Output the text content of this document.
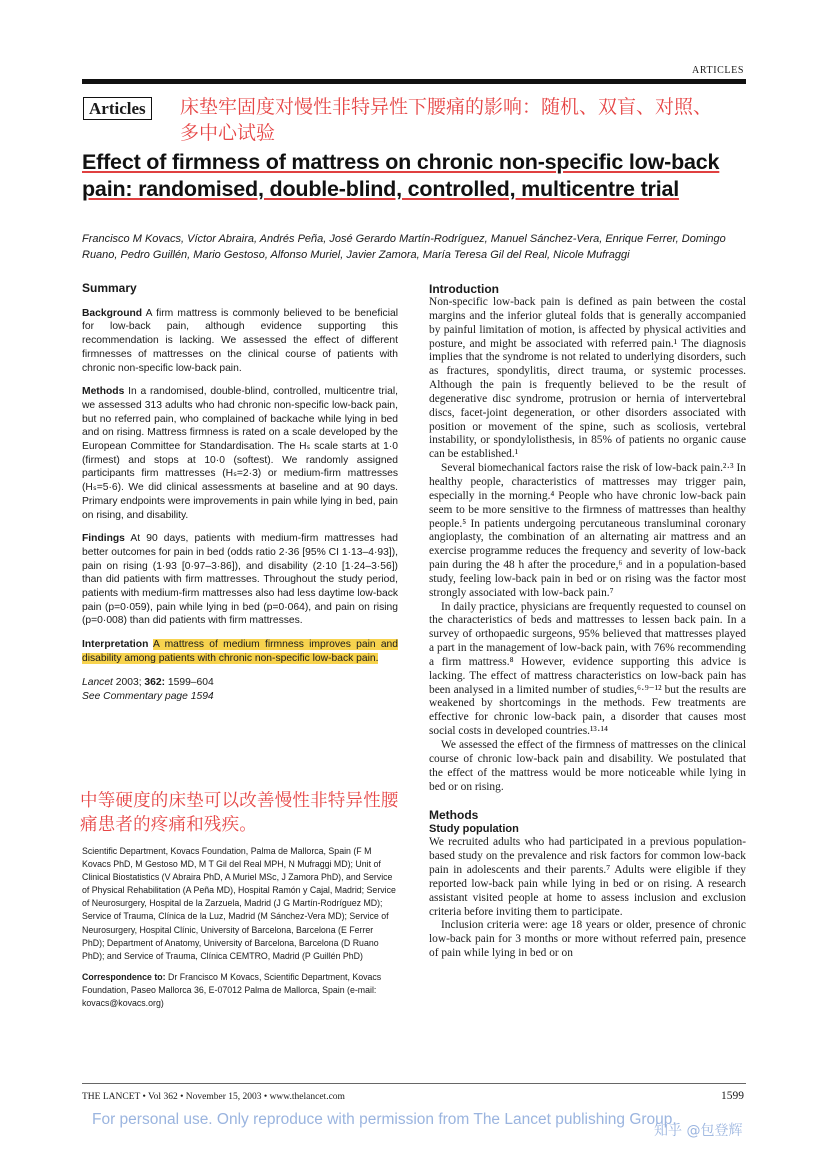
ARTICLES
Articles	床垫牢固度对慢性非特异性下腰痛的影响：随机、双盲、对照、多中心试验
Effect of firmness of mattress on chronic non-specific low-back pain: randomised, double-blind, controlled, multicentre trial
Francisco M Kovacs, Víctor Abraira, Andrés Peña, José Gerardo Martín-Rodríguez, Manuel Sánchez-Vera, Enrique Ferrer, Domingo Ruano, Pedro Guillén, Mario Gestoso, Alfonso Muriel, Javier Zamora, María Teresa Gil del Real, Nicole Mufraggi
Summary

Background A firm mattress is commonly believed to be beneficial for low-back pain, although evidence supporting this recommendation is lacking. We assessed the effect of different firmnesses of mattresses on the clinical course of patients with chronic non-specific low-back pain.

Methods In a randomised, double-blind, controlled, multicentre trial, we assessed 313 adults who had chronic non-specific low-back pain, but no referred pain, who complained of backache while lying in bed and on rising. Mattress firmness is rated on a scale developed by the European Committee for Standardisation. The Hₛ scale starts at 1·0 (firmest) and stops at 10·0 (softest). We randomly assigned participants firm mattresses (Hₛ=2·3) or medium-firm mattresses (Hₛ=5·6). We did clinical assessments at baseline and at 90 days. Primary endpoints were improvements in pain while lying in bed, pain on rising, and disability.

Findings At 90 days, patients with medium-firm mattresses had better outcomes for pain in bed (odds ratio 2·36 [95% CI 1·13–4·93]), pain on rising (1·93 [0·97–3·86]), and disability (2·10 [1·24–3·56]) than did patients with firm mattresses. Throughout the study period, patients with medium-firm mattresses also had less daytime low-back pain (p=0·059), pain while lying in bed (p=0·064), and pain on rising (p=0·008) than did patients with firm mattresses.

Interpretation A mattress of medium firmness improves pain and disability among patients with chronic non-specific low-back pain.

Lancet 2003; 362: 1599–604
See Commentary page 1594
中等硬度的床垫可以改善慢性非特异性腰痛患者的疼痛和残疾。

Scientific Department, Kovacs Foundation, Palma de Mallorca, Spain (F M Kovacs PhD, M Gestoso MD, M T Gil del Real MPH, N Mufraggi MD); Unit of Clinical Biostatistics (V Abraira PhD, A Muriel MSc, J Zamora PhD), and Service of Physical Rehabilitation (A Peña MD), Hospital Ramón y Cajal, Madrid; Service of Neurosurgery, Hospital de la Zarzuela, Madrid (J G Martín-Rodríguez MD); Service of Trauma, Clínica de la Luz, Madrid (M Sánchez-Vera MD); Service of Neurosurgery, Hospital Clínic, University of Barcelona, Barcelona (E Ferrer PhD); Department of Anatomy, University of Barcelona, Barcelona (D Ruano PhD); and Service of Trauma, Clínica CEMTRO, Madrid (P Guillén PhD)

Correspondence to: Dr Francisco M Kovacs, Scientific Department, Kovacs Foundation, Paseo Mallorca 36, E-07012 Palma de Mallorca, Spain (e-mail: kovacs@kovacs.org)

Introduction

Non-specific low-back pain is defined as pain between the costal margins and the inferior gluteal folds that is generally accompanied by painful limitation of motion, is affected by physical activities and posture, and might be associated with referred pain.¹ The diagnosis implies that the syndrome is not related to underlying disorders, such as fractures, spondylitis, direct trauma, or systemic processes. Although the pain is frequently believed to be the result of degenerative disc syndrome, protrusion or hernia of intervertebral discs, facet-joint degeneration, or other disorders associated with position or movement of the spine, such as scoliosis, vertebral instability, or spondylolisthesis, in 85% of patients no organic cause can be established.¹

Several biomechanical factors raise the risk of low-back pain.²·³ In healthy people, characteristics of mattresses may trigger pain, especially in the morning.⁴ People who have chronic low-back pain seem to be more sensitive to the firmness of mattresses than healthy people.⁵ In patients undergoing percutaneous transluminal coronary angioplasty, the combination of an alternating air mattress and an exercise programme reduces the frequency and severity of low-back pain during the 48 h after the procedure,⁶ and in a population-based study, feeling low-back pain in bed or on rising was the factor most strongly associated with low-back pain.⁷

In daily practice, physicians are frequently requested to counsel on the characteristics of beds and mattresses to lessen back pain. In a survey of orthopaedic surgeons, 95% believed that mattresses played a part in the management of low-back pain, with 76% recommending a firm mattress.⁸ However, evidence supporting this advice is lacking. The effect of mattress characteristics on low-back pain has been analysed in a limited number of studies,⁶·⁹⁻¹² but the results are weakened by shortcomings in the methods. Few treatments are effective for chronic low-back pain, a disorder that causes most social costs in developed countries.¹³·¹⁴

We assessed the effect of the firmness of mattresses on the clinical course of chronic low-back pain and disability. We postulated that the effect of the mattress would be more noticeable while lying in bed or on rising.

Methods
Study population

We recruited adults who had participated in a previous population-based study on the prevalence and risk factors for common low-back pain in adolescents and their parents.⁷ Adults were eligible if they reported low-back pain while lying in bed or on rising. A research assistant visited people at home to assess inclusion and exclusion criteria before inviting them to participate.

Inclusion criteria were: age 18 years or older, presence of chronic low-back pain for 3 months or more without referred pain, presence of pain while lying in bed or on

THE LANCET • Vol 362 • November 15, 2003 • www.thelancet.com	1599
For personal use. Only reproduce with permission from The Lancet publishing Group.
知乎 @包登辉
